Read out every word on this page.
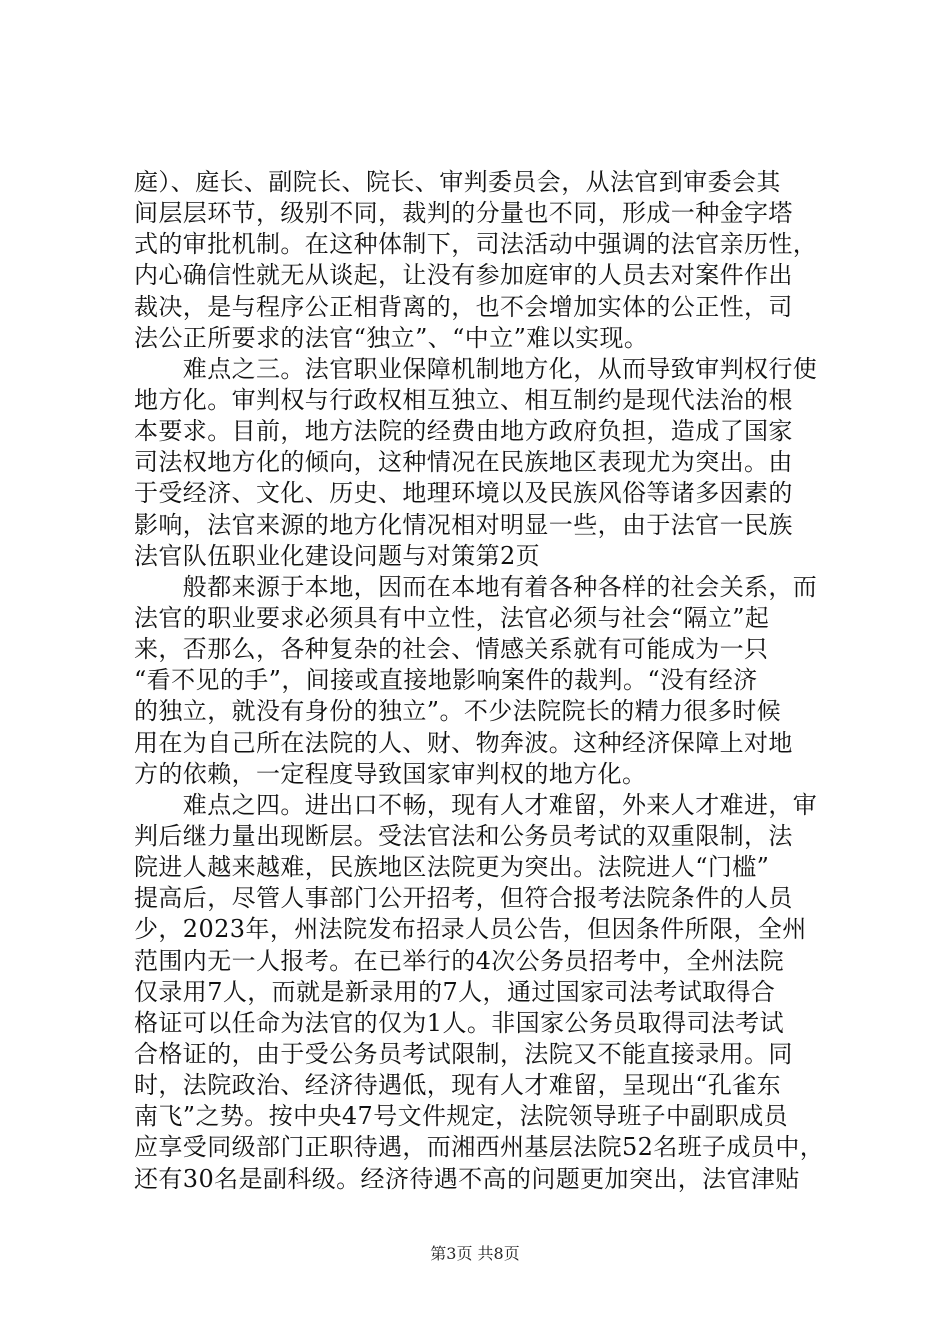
庭）、庭长、副院长、院长、审判委员会，从法官到审委会其
间层层环节，级别不同，裁判的分量也不同，形成一种金字塔
式的审批机制。在这种体制下，司法活动中强调的法官亲历性，
内心确信性就无从谈起，让没有参加庭审的人员去对案件作出
裁决，是与程序公正相背离的，也不会增加实体的公正性，司
法公正所要求的法官“独立”、“中立”难以实现。
　　难点之三。法官职业保障机制地方化，从而导致审判权行使
地方化。审判权与行政权相互独立、相互制约是现代法治的根
本要求。目前，地方法院的经费由地方政府负担，造成了国家
司法权地方化的倾向，这种情况在民族地区表现尤为突出。由
于受经济、文化、历史、地理环境以及民族风俗等诸多因素的
影响，法官来源的地方化情况相对明显一些，由于法官一民族
法官队伍职业化建设问题与对策第2页
　　般都来源于本地，因而在本地有着各种各样的社会关系，而
法官的职业要求必须具有中立性，法官必须与社会“隔立”起
来，否那么，各种复杂的社会、情感关系就有可能成为一只
“看不见的手”，间接或直接地影响案件的裁判。“没有经济
的独立，就没有身份的独立”。不少法院院长的精力很多时候
用在为自己所在法院的人、财、物奔波。这种经济保障上对地
方的依赖，一定程度导致国家审判权的地方化。
　　难点之四。进出口不畅，现有人才难留，外来人才难进，审
判后继力量出现断层。受法官法和公务员考试的双重限制，法
院进人越来越难，民族地区法院更为突出。法院进人“门槛”
提高后，尽管人事部门公开招考，但符合报考法院条件的人员
少，2023年，州法院发布招录人员公告，但因条件所限，全州
范围内无一人报考。在已举行的4次公务员招考中，全州法院
仅录用7人，而就是新录用的7人，通过国家司法考试取得合
格证可以任命为法官的仅为1人。非国家公务员取得司法考试
合格证的，由于受公务员考试限制，法院又不能直接录用。同
时，法院政治、经济待遇低，现有人才难留，呈现出“孔雀东
南飞”之势。按中央47号文件规定，法院领导班子中副职成员
应享受同级部门正职待遇，而湘西州基层法院52名班子成员中，
还有30名是副科级。经济待遇不高的问题更加突出，法官津贴
第3页 共8页
